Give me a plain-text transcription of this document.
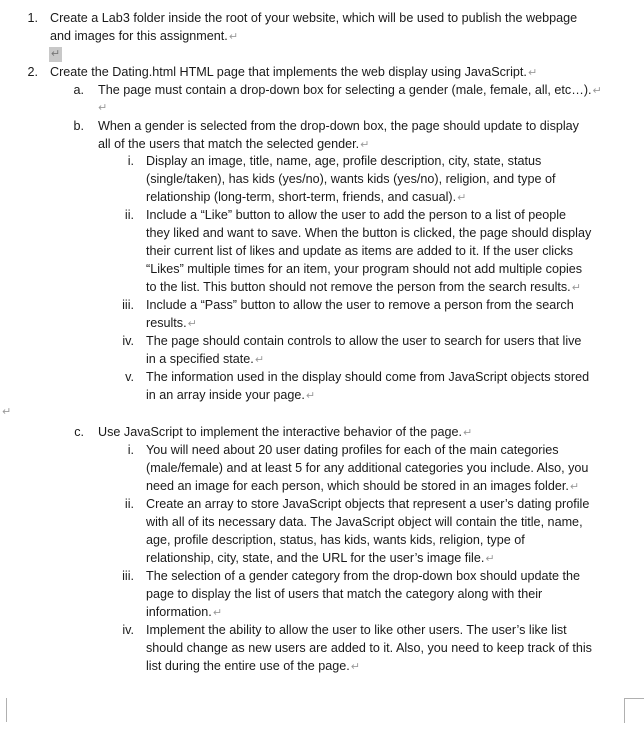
1. Create a Lab3 folder inside the root of your website, which will be used to publish the webpage
and images for this assignment.↵
↵
2. Create the Dating.html HTML page that implements the web display using JavaScript.↵
a. The page must contain a drop-down box for selecting a gender (male, female, all, etc…).↵
↵
b. When a gender is selected from the drop-down box, the page should update to display
all of the users that match the selected gender.↵
i. Display an image, title, name, age, profile description, city, state, status
(single/taken), has kids (yes/no), wants kids (yes/no), religion, and type of
relationship (long-term, short-term, friends, and casual).↵
ii. Include a “Like” button to allow the user to add the person to a list of people
they liked and want to save. When the button is clicked, the page should display
their current list of likes and update as items are added to it. If the user clicks
“Likes” multiple times for an item, your program should not add multiple copies
to the list. This button should not remove the person from the search results.↵
iii. Include a “Pass” button to allow the user to remove a person from the search
results.↵
iv. The page should contain controls to allow the user to search for users that live
in a specified state.↵
v. The information used in the display should come from JavaScript objects stored
in an array inside your page.↵
↵
c. Use JavaScript to implement the interactive behavior of the page.↵
i. You will need about 20 user dating profiles for each of the main categories
(male/female) and at least 5 for any additional categories you include. Also, you
need an image for each person, which should be stored in an images folder.↵
ii. Create an array to store JavaScript objects that represent a user’s dating profile
with all of its necessary data. The JavaScript object will contain the title, name,
age, profile description, status, has kids, wants kids, religion, type of
relationship, city, state, and the URL for the user’s image file.↵
iii. The selection of a gender category from the drop-down box should update the
page to display the list of users that match the category along with their
information.↵
iv. Implement the ability to allow the user to like other users. The user’s like list
should change as new users are added to it. Also, you need to keep track of this
list during the entire use of the page.↵
